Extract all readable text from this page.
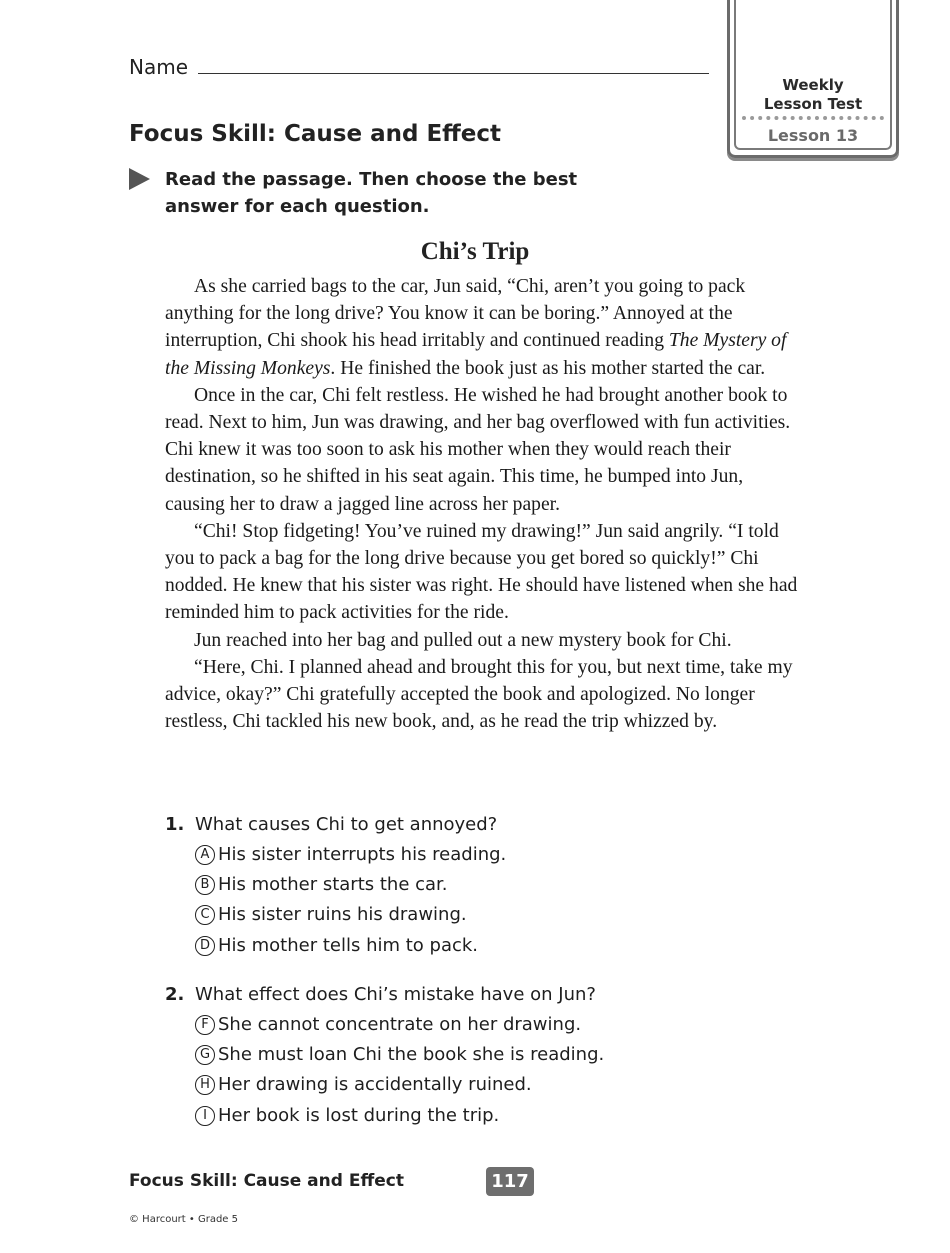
Name
Weekly
Lesson Test
Lesson 13
Focus Skill: Cause and Effect
Read the passage. Then choose the best answer for each question.
Chi’s Trip

As she carried bags to the car, Jun said, “Chi, aren’t you going to pack anything for the long drive? You know it can be boring.” Annoyed at the interruption, Chi shook his head irritably and continued reading The Mystery of the Missing Monkeys. He finished the book just as his mother started the car.

Once in the car, Chi felt restless. He wished he had brought another book to read. Next to him, Jun was drawing, and her bag overflowed with fun activities. Chi knew it was too soon to ask his mother when they would reach their destination, so he shifted in his seat again. This time, he bumped into Jun, causing her to draw a jagged line across her paper.

“Chi! Stop fidgeting! You’ve ruined my drawing!” Jun said angrily. “I told you to pack a bag for the long drive because you get bored so quickly!” Chi nodded. He knew that his sister was right. He should have listened when she had reminded him to pack activities for the ride.

Jun reached into her bag and pulled out a new mystery book for Chi.

“Here, Chi. I planned ahead and brought this for you, but next time, take my advice, okay?” Chi gratefully accepted the book and apologized. No longer restless, Chi tackled his new book, and, as he read the trip whizzed by.

1. What causes Chi to get annoyed?
A His sister interrupts his reading.
B His mother starts the car.
C His sister ruins his drawing.
D His mother tells him to pack.
2. What effect does Chi’s mistake have on Jun?
F She cannot concentrate on her drawing.
G She must loan Chi the book she is reading.
H Her drawing is accidentally ruined.
I Her book is lost during the trip.
Focus Skill: Cause and Effect	117
© Harcourt • Grade 5
